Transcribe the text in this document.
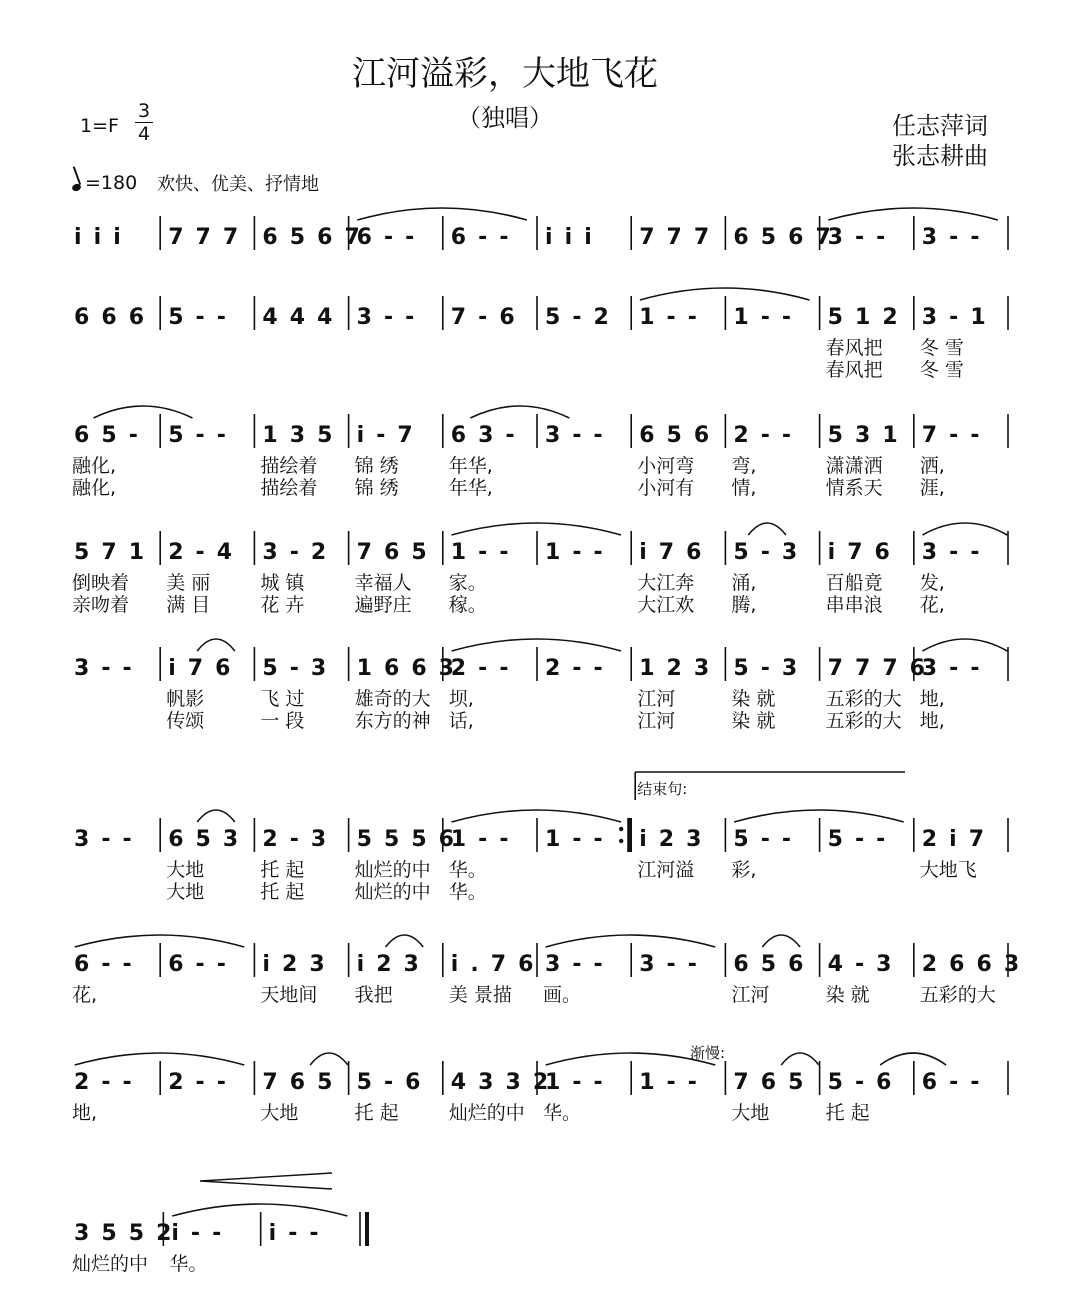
江河溢彩，大地飞花
（独唱）	任志萍词
张志耕曲
1=F
3
4
=180 欢快、优美、抒情地
i  i  i 7  7  7 6  5  6  7
6  -  - 6  -  - i  i  i 7  7  7 6  5  6  7
3  -  - 3  -  -
6  6  6 5  -  - 4  4  4 3  -  - 7  -  6 5  -  2 1  -  - 1  -  - 5  1  2 3  -  1
春风把 冬 雪
春风把 冬 雪
6  5  - 5  -  - 1  3  5 i  -  7 6  3  - 3  -  - 6  5  6 2  -  - 5  3  1 7  -  -
融化,	描绘着 锦 绣	年华,	小河弯 弯,	潇潇洒 洒,
融化,	描绘着 锦 绣	年华,	小河有 情,	情系天 涯,
5  7  1 2  -  4 3  -  2 7  6  5 1  -  - 1  -  - i  7  6 5  -  3 i  7  6 3  -  -
倒映着 美 丽	城 镇	幸福人 家。	大江奔 涌,	百船竟 发,
亲吻着 满 目	花 卉	遍野庄 稼。	大江欢 腾,	串串浪 花,
3  -  - i  7  6 5  -  3 1  6  6  3
2  -  - 2  -  - 1  2  3 5  -  3 7  7  7  6
3  -  -
帆影	飞 过	雄奇的大 坝,	江河	染 就	五彩的大 地,
传颂	一 段	东方的神 话,	江河	染 就	五彩的大 地,
3  -  - 6  5  3 2  -  3 5  5  5  6
1  -  - 1  -  - i  2  3 5  -  - 5  -  - 2  i  7
大地	托 起	灿烂的中 华。	江河溢 彩,	大地飞
大地	托 起	灿烂的中 华。
6  -  - 6  -  - i  2  3 i  2  3 i  .  7  6 3  -  - 3  -  - 6  5  6 4  -  3 2  6  6  3
花,	天地间 我把	美 景描 画。	江河	染 就	五彩的大
2  -  - 2  -  - 7  6  5 5  -  6 4  3  3  2
1  -  - 1  -  - 7  6  5 5  -  6 6  -  -
地,	大地	托 起	灿烂的中 华。	大地	托 起
3  5  5  2 i  -  - i  -  -
灿烂的中 华。
结束句:
渐慢:
